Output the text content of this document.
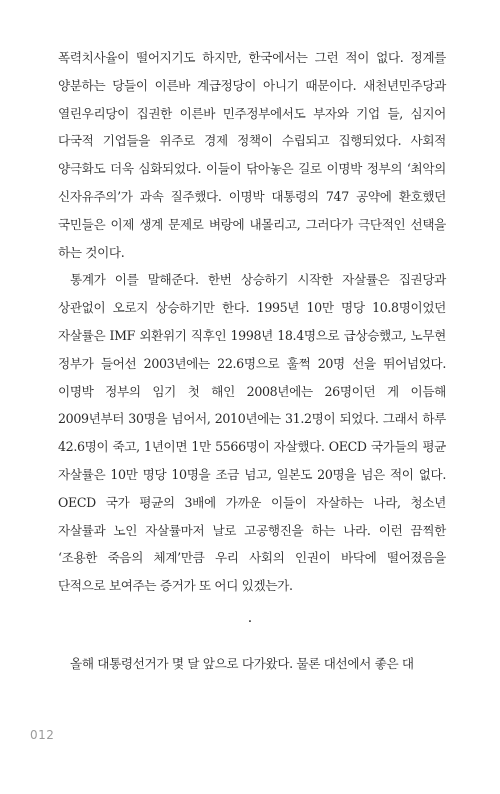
폭력치사율이 떨어지기도 하지만, 한국에서는 그런 적이 없다. 정계를 양분하는 당들이 이른바 계급정당이 아니기 때문이다. 새천년민주당과 열린우리당이 집권한 이른바 민주정부에서도 부자와 기업 들, 심지어 다국적 기업들을 위주로 경제 정책이 수립되고 집행되었다. 사회적 양극화도 더욱 심화되었다. 이들이 닦아놓은 길로 이명박 정부의 ‘최악의 신자유주의’가 과속 질주했다. 이명박 대통령의 747 공약에 환호했던 국민들은 이제 생계 문제로 벼랑에 내몰리고, 그러다가 극단적인 선택을 하는 것이다.

통계가 이를 말해준다. 한번 상승하기 시작한 자살률은 집권당과 상관없이 오로지 상승하기만 한다. 1995년 10만 명당 10.8명이었던 자살률은 IMF 외환위기 직후인 1998년 18.4명으로 급상승했고, 노무현 정부가 들어선 2003년에는 22.6명으로 훌쩍 20명 선을 뛰어넘었다. 이명박 정부의 임기 첫 해인 2008년에는 26명이던 게 이듬해 2009년부터 30명을 넘어서, 2010년에는 31.2명이 되었다. 그래서 하루 42.6명이 죽고, 1년이면 1만 5566명이 자살했다. OECD 국가들의 평균 자살률은 10만 명당 10명을 조금 넘고, 일본도 20명을 넘은 적이 없다. OECD 국가 평균의 3배에 가까운 이들이 자살하는 나라, 청소년 자살률과 노인 자살률마저 날로 고공행진을 하는 나라. 이런 끔찍한 ‘조용한 죽음의 체계’만큼 우리 사회의 인권이 바닥에 떨어졌음을 단적으로 보여주는 증거가 또 어디 있겠는가.

·

올해 대통령선거가 몇 달 앞으로 다가왔다. 물론 대선에서 좋은 대

012
